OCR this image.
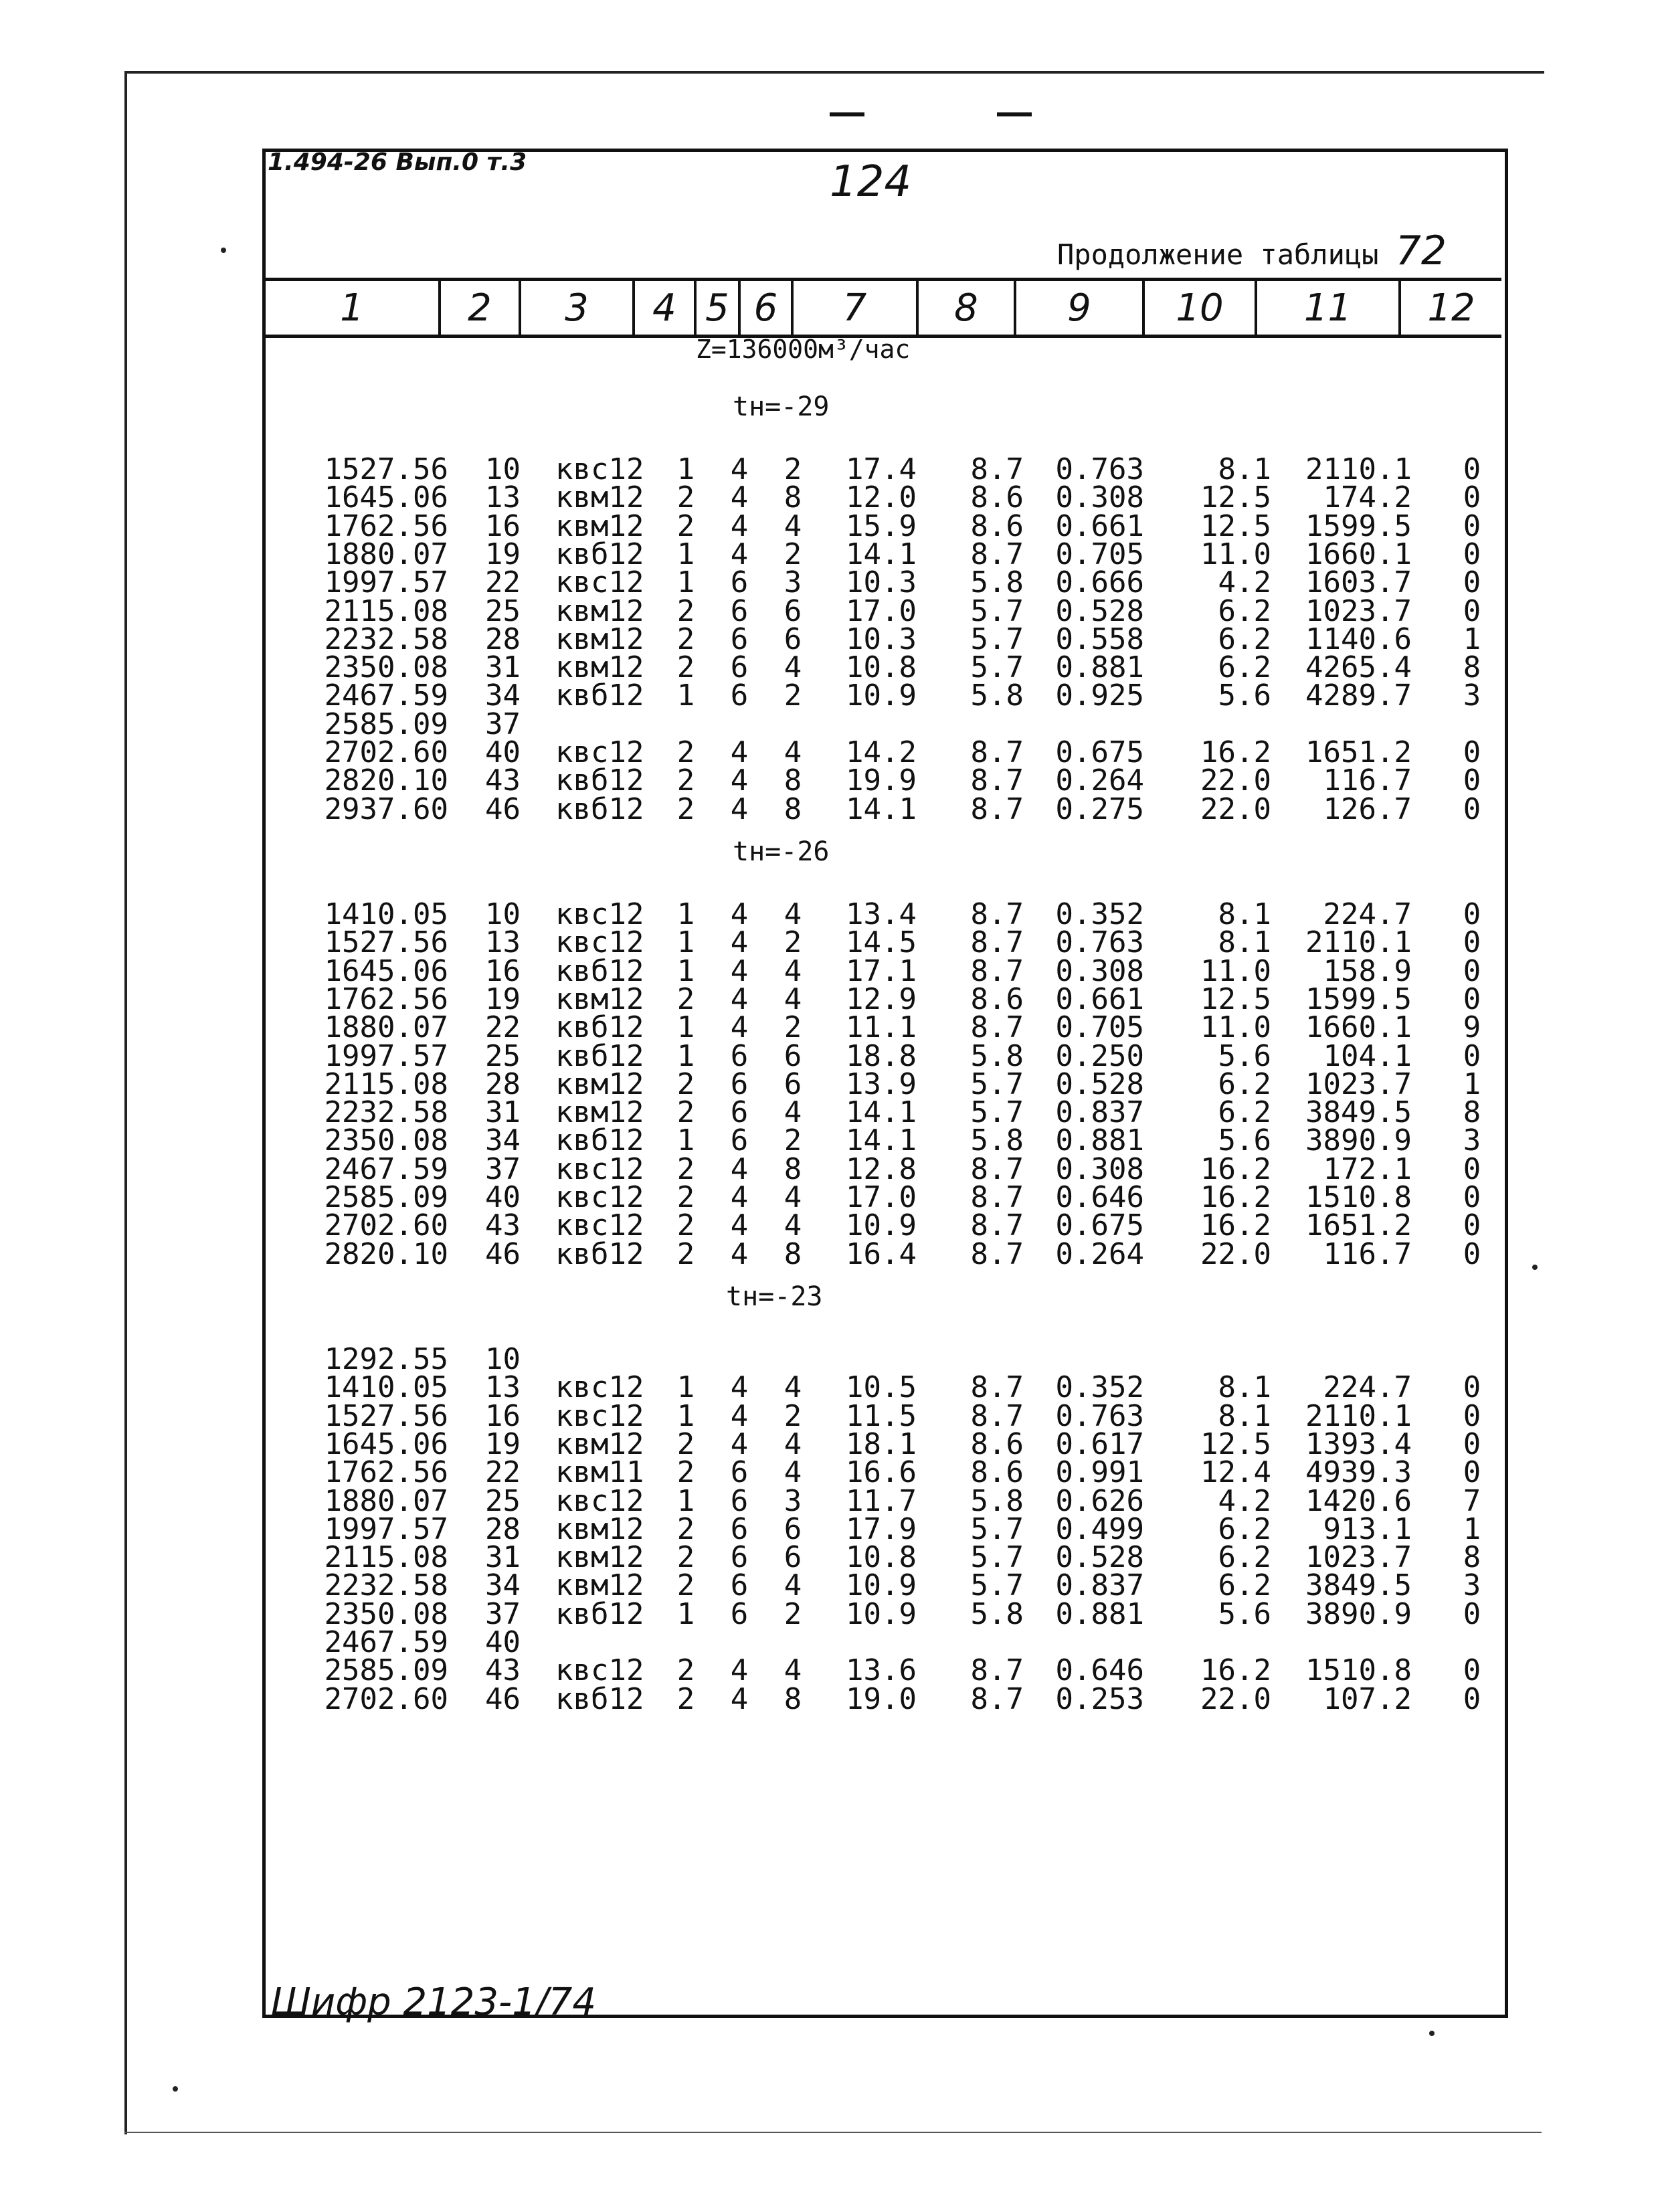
1.494-26 Вып.0 т.3	124
Продолжение таблицы 72
1	2	3	4 5 6	7	8	9	10	11	12
Z=136000м³/час
tн=-29
1527.56 10 квс12	1 4 2	17.4	8.7	0.763	8.1	2110.1 0
1645.06 13 квм12	2 4 8	12.0	8.6	0.308	12.5	174.2 0
1762.56 16 квм12	2 4 4	15.9	8.6	0.661	12.5	1599.5 0
1880.07 19 квб12	1 4 2	14.1	8.7	0.705	11.0	1660.1 0
1997.57 22 квс12	1 6 3	10.3	5.8	0.666	4.2	1603.7 0
2115.08 25 квм12	2 6 6	17.0	5.7	0.528	6.2	1023.7 0
2232.58 28 квм12	2 6 6	10.3	5.7	0.558	6.2	1140.6 1
2350.08 31 квм12	2 6 4	10.8	5.7	0.881	6.2	4265.4 8
2467.59 34 квб12	1 6 2	10.9	5.8	0.925	5.6	4289.7 3
2585.09 37
2702.60 40 квс12	2 4 4	14.2	8.7	0.675	16.2	1651.2 0
2820.10 43 квб12	2 4 8	19.9	8.7	0.264	22.0	116.7 0
2937.60 46 квб12	2 4 8	14.1	8.7	0.275	22.0	126.7 0
tн=-26
1410.05 10 квс12	1 4 4	13.4	8.7	0.352	8.1	224.7 0
1527.56 13 квс12	1 4 2	14.5	8.7	0.763	8.1	2110.1 0
1645.06 16 квб12	1 4 4	17.1	8.7	0.308	11.0	158.9 0
1762.56 19 квм12	2 4 4	12.9	8.6	0.661	12.5	1599.5 0
1880.07 22 квб12	1 4 2	11.1	8.7	0.705	11.0	1660.1 9
1997.57 25 квб12	1 6 6	18.8	5.8	0.250	5.6	104.1 0
2115.08 28 квм12	2 6 6	13.9	5.7	0.528	6.2	1023.7 1
2232.58 31 квм12	2 6 4	14.1	5.7	0.837	6.2	3849.5 8
2350.08 34 квб12	1 6 2	14.1	5.8	0.881	5.6	3890.9 3
2467.59 37 квс12	2 4 8	12.8	8.7	0.308	16.2	172.1 0
2585.09 40 квс12	2 4 4	17.0	8.7	0.646	16.2	1510.8 0
2702.60 43 квс12	2 4 4	10.9	8.7	0.675	16.2	1651.2 0
2820.10 46 квб12	2 4 8	16.4	8.7	0.264	22.0	116.7 0
tн=-23
1292.55 10
1410.05 13 квс12	1 4 4	10.5	8.7	0.352	8.1	224.7 0
1527.56 16 квс12	1 4 2	11.5	8.7	0.763	8.1	2110.1 0
1645.06 19 квм12	2 4 4	18.1	8.6	0.617	12.5	1393.4 0
1762.56 22 квм11	2 6 4	16.6	8.6	0.991	12.4	4939.3 0
1880.07 25 квс12	1 6 3	11.7	5.8	0.626	4.2	1420.6 7
1997.57 28 квм12	2 6 6	17.9	5.7	0.499	6.2	913.1 1
2115.08 31 квм12	2 6 6	10.8	5.7	0.528	6.2	1023.7 8
2232.58 34 квм12	2 6 4	10.9	5.7	0.837	6.2	3849.5 3
2350.08 37 квб12	1 6 2	10.9	5.8	0.881	5.6	3890.9 0
2467.59 40
2585.09 43 квс12	2 4 4	13.6	8.7	0.646	16.2	1510.8 0
2702.60 46 квб12	2 4 8	19.0	8.7	0.253	22.0	107.2 0
Шифр 2123-1/74
